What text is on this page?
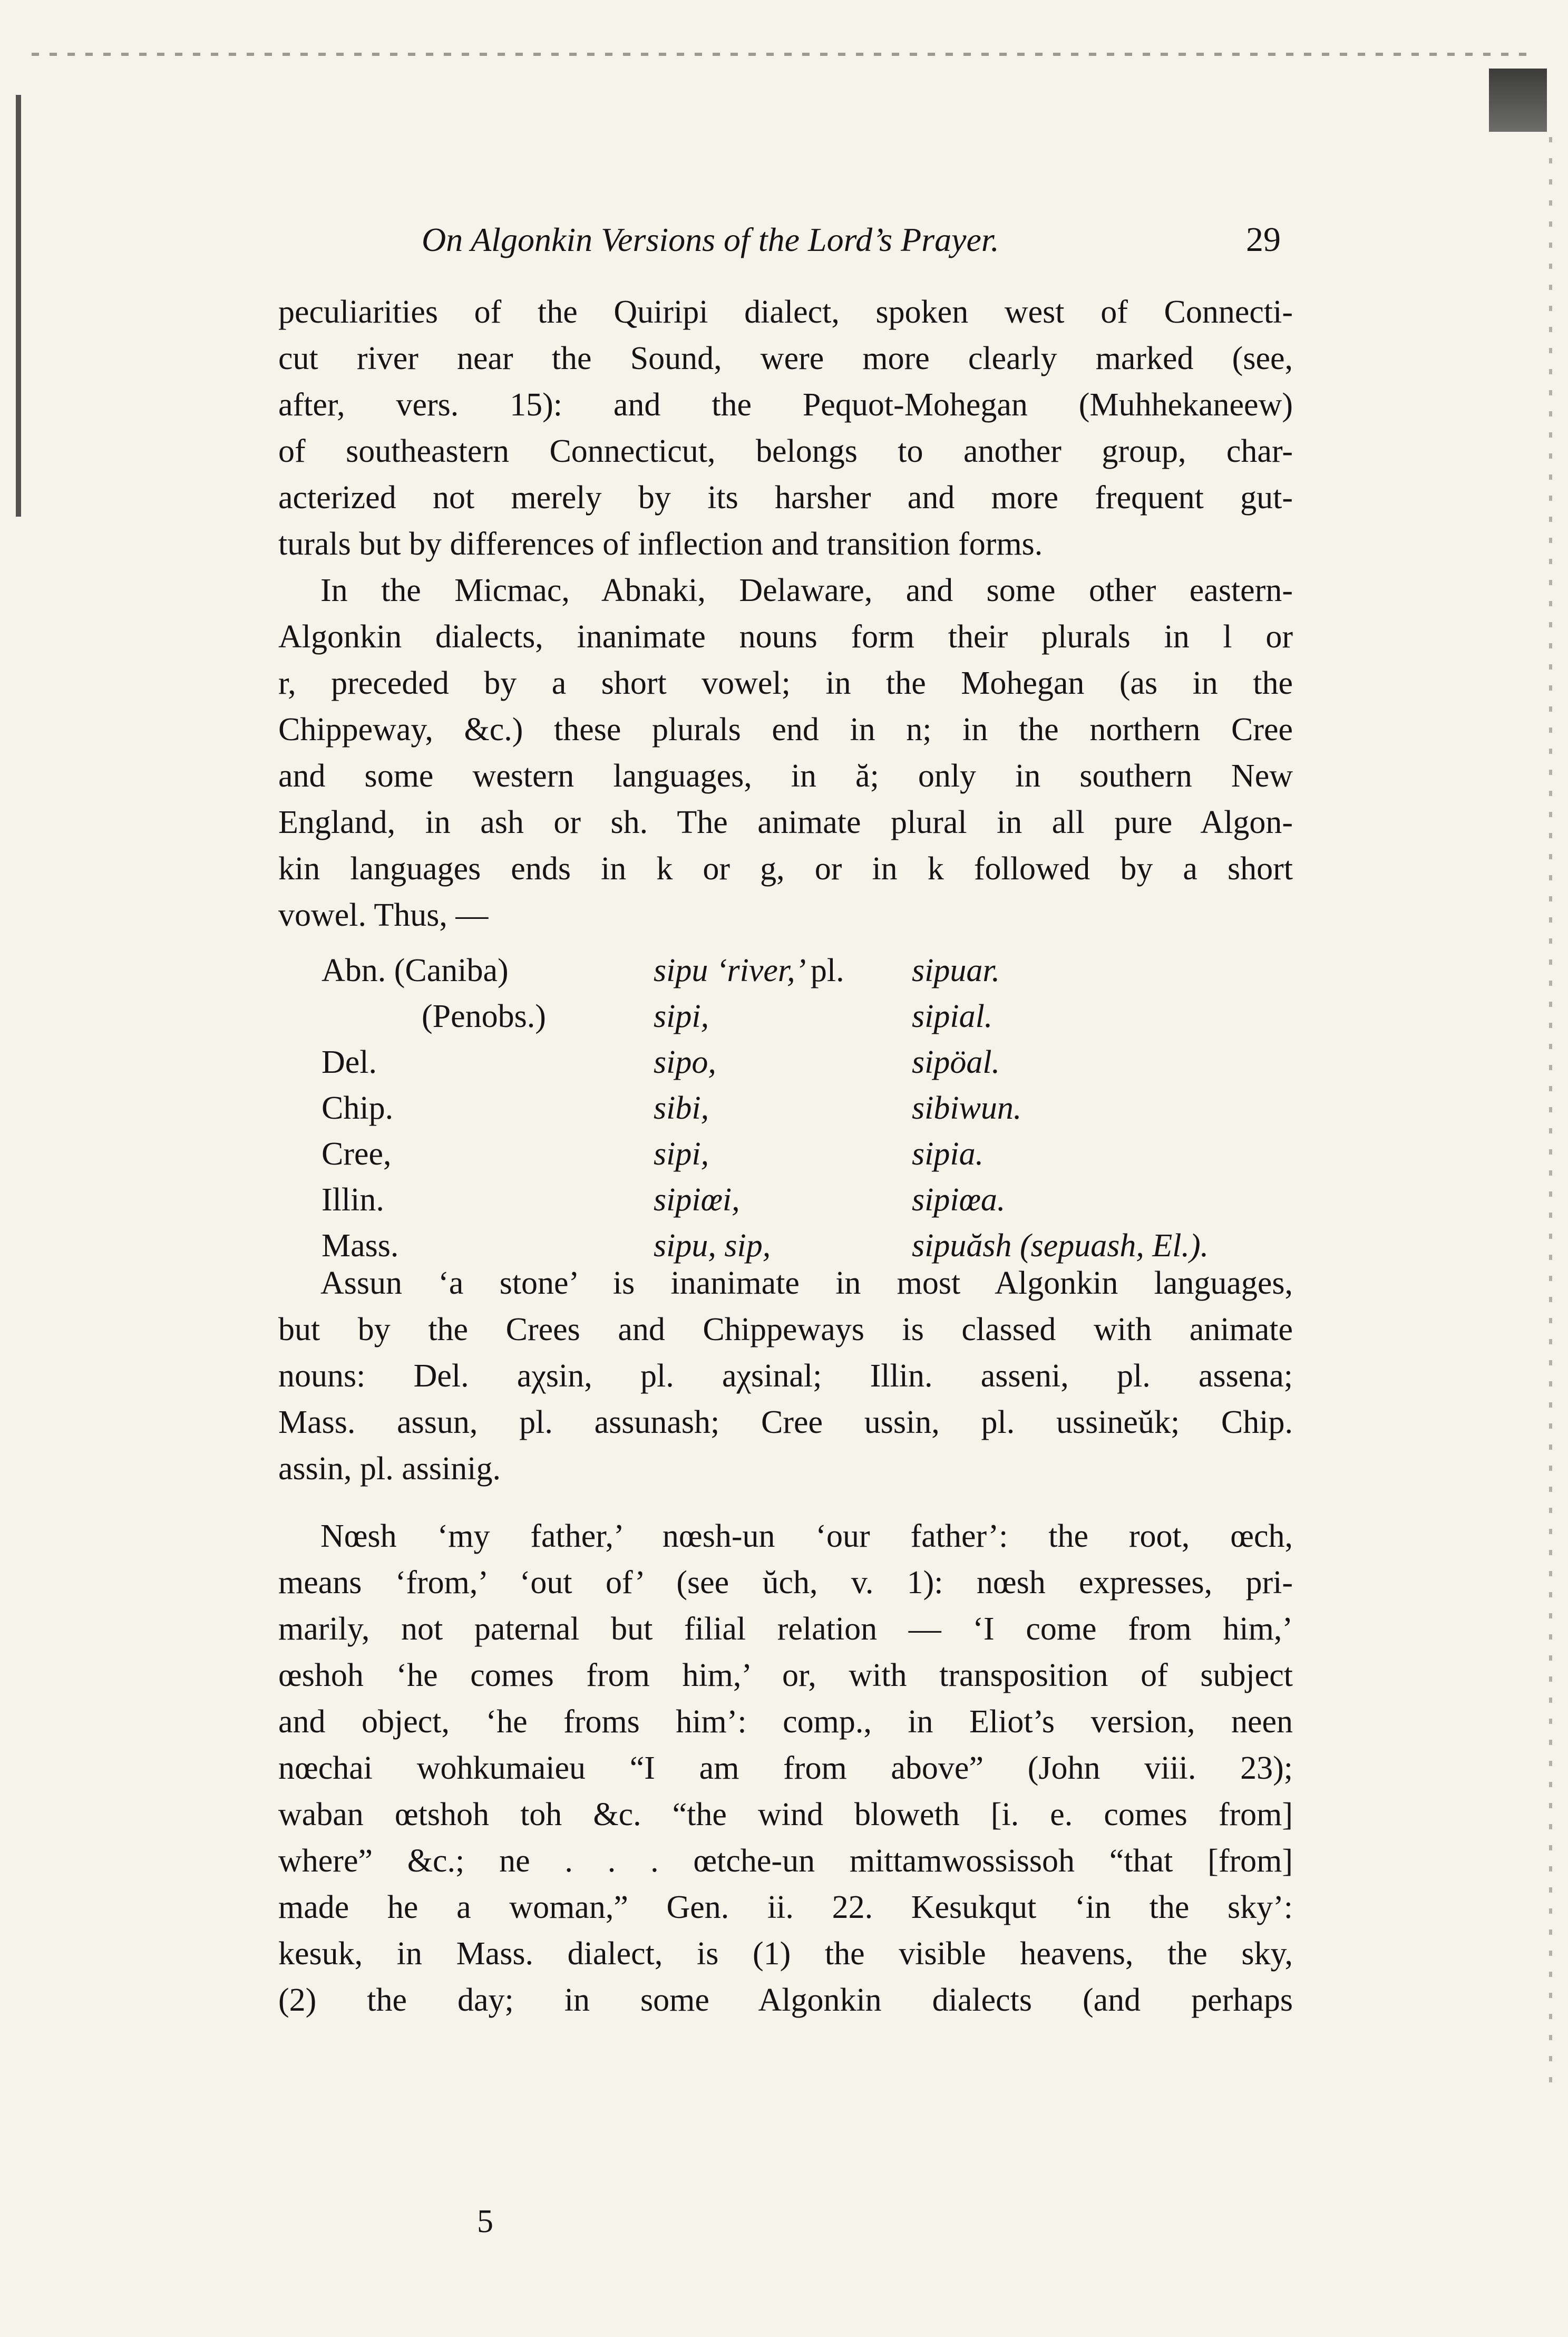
On Algonkin Versions of the Lord’s Prayer.	29
peculiarities of the Quiripi dialect, spoken west of Connecti-
cut river near the Sound, were more clearly marked (see,
after, vers. 15): and the Pequot-Mohegan (Muhhekaneew)
of southeastern Connecticut, belongs to another group, char-
acterized not merely by its harsher and more frequent gut-
turals but by differences of inflection and transition forms.
In the Micmac, Abnaki, Delaware, and some other eastern-
Algonkin dialects, inanimate nouns form their plurals in l or
r, preceded by a short vowel; in the Mohegan (as in the
Chippeway, &c.) these plurals end in n; in the northern Cree
and some western languages, in ă; only in southern New
England, in ash or sh. The animate plural in all pure Algon-
kin languages ends in k or g, or in k followed by a short
vowel. Thus, —
Abn. (Caniba)	sipu ‘river,’ pl.	sipuar.
(Penobs.)	sipi,	sipial.
Del.	sipo,	sipöal.
Chip.	sibi,	sibiwun.
Cree,	sipi,	sipia.
Illin.	sipiœi,	sipiœa.
Mass.	sipu, sip,	sipuăsh (sepuash, El.).
Assun ‘a stone’ is inanimate in most Algonkin languages,
but by the Crees and Chippeways is classed with animate
nouns: Del. aχsin, pl. aχsinal; Illin. asseni, pl. assena;
Mass. assun, pl. assunash; Cree ussin, pl. ussineŭk; Chip.
assin, pl. assinig.
Nœsh ‘my father,’ nœsh-un ‘our father’: the root, œch,
means ‘from,’ ‘out of’ (see ŭch, v. 1): nœsh expresses, pri-
marily, not paternal but filial relation — ‘I come from him,’
œshoh ‘he comes from him,’ or, with transposition of subject
and object, ‘he froms him’: comp., in Eliot’s version, neen
nœchai wohkumaieu “I am from above” (John viii. 23);
waban œtshoh toh &c. “the wind bloweth [i. e. comes from]
where” &c.; ne . . . œtche-un mittamwossissoh “that [from]
made he a woman,” Gen. ii. 22. Kesukqut ‘in the sky’:
kesuk, in Mass. dialect, is (1) the visible heavens, the sky,
(2) the day; in some Algonkin dialects (and perhaps
5
